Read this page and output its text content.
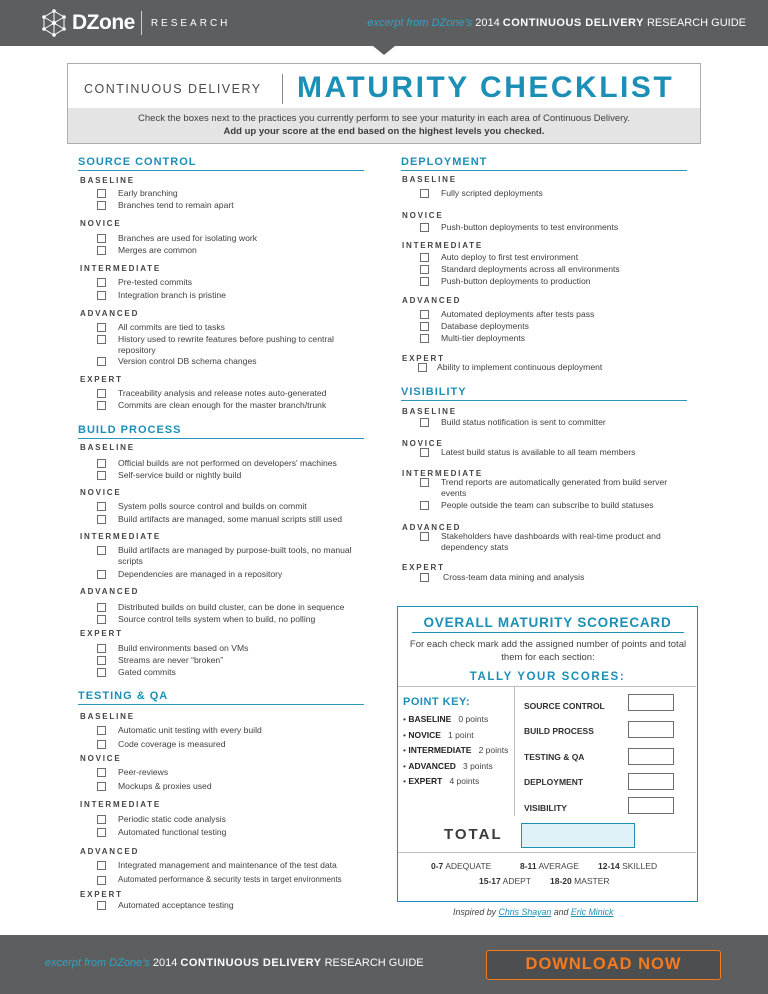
DZone RESEARCH	excerpt from DZone's 2014 CONTINUOUS DELIVERY RESEARCH GUIDE
CONTINUOUS DELIVERY MATURITY CHECKLIST
Check the boxes next to the practices you currently perform to see your maturity in each area of Continuous Delivery.
Add up your score at the end based on the highest levels you checked.
SOURCE CONTROL
BASELINE
Early branching
Branches tend to remain apart
NOVICE
Branches are used for isolating work
Merges are common
INTERMEDIATE
Pre-tested commits
Integration branch is pristine
ADVANCED
All commits are tied to tasks
History used to rewrite features before pushing to central repository
Version control DB schema changes
EXPERT
Traceability analysis and release notes auto-generated
Commits are clean enough for the master branch/trunk
BUILD PROCESS
BASELINE
Official builds are not performed on developers' machines
Self-service build or nightly build
NOVICE
System polls source control and builds on commit
Build artifacts are managed, some manual scripts still used
INTERMEDIATE
Build artifacts are managed by purpose-built tools, no manual scripts
Dependencies are managed in a repository
ADVANCED
Distributed builds on build cluster, can be done in sequence
Source control tells system when to build, no polling
EXPERT
Build environments based on VMs
Streams are never “broken”
Gated commits
TESTING & QA
BASELINE
Automatic unit testing with every build
Code coverage is measured
NOVICE
Peer-reviews
Mockups & proxies used
INTERMEDIATE
Periodic static code analysis
Automated functional testing
ADVANCED
Integrated management and maintenance of the test data
Automated performance & security tests in target environments
EXPERT
Automated acceptance testing
DEPLOYMENT
BASELINE
Fully scripted deployments
NOVICE
Push-button deployments to test environments
INTERMEDIATE
Auto deploy to first test environment
Standard deployments across all environments
Push-button deployments to production
ADVANCED
Automated deployments after tests pass
Database deployments
Multi-tier deployments
EXPERT
Ability to implement continuous deployment
VISIBILITY
BASELINE
Build status notification is sent to committer
NOVICE
Latest build status is available to all team members
INTERMEDIATE
Trend reports are automatically generated from build server events
People outside the team can subscribe to build statuses
ADVANCED
Stakeholders have dashboards with real-time product and dependency stats
EXPERT
Cross-team data mining and analysis
OVERALL MATURITY SCORECARD
For each check mark add the assigned number of points and total them for each section:
TALLY YOUR SCORES:
POINT KEY:
• BASELINE 0 points
• NOVICE 1 point
• INTERMEDIATE 2 points
• ADVANCED 3 points
• EXPERT 4 points
SOURCE CONTROL
BUILD PROCESS
TESTING & QA
DEPLOYMENT
VISIBILITY
TOTAL
0-7 ADEQUATE	8-11 AVERAGE 12-14 SKILLED
15-17 ADEPT 18-20 MASTER
Inspired by Chris Shayan and Eric Minick
excerpt from DZone's 2014 CONTINUOUS DELIVERY RESEARCH GUIDE	DOWNLOAD NOW
